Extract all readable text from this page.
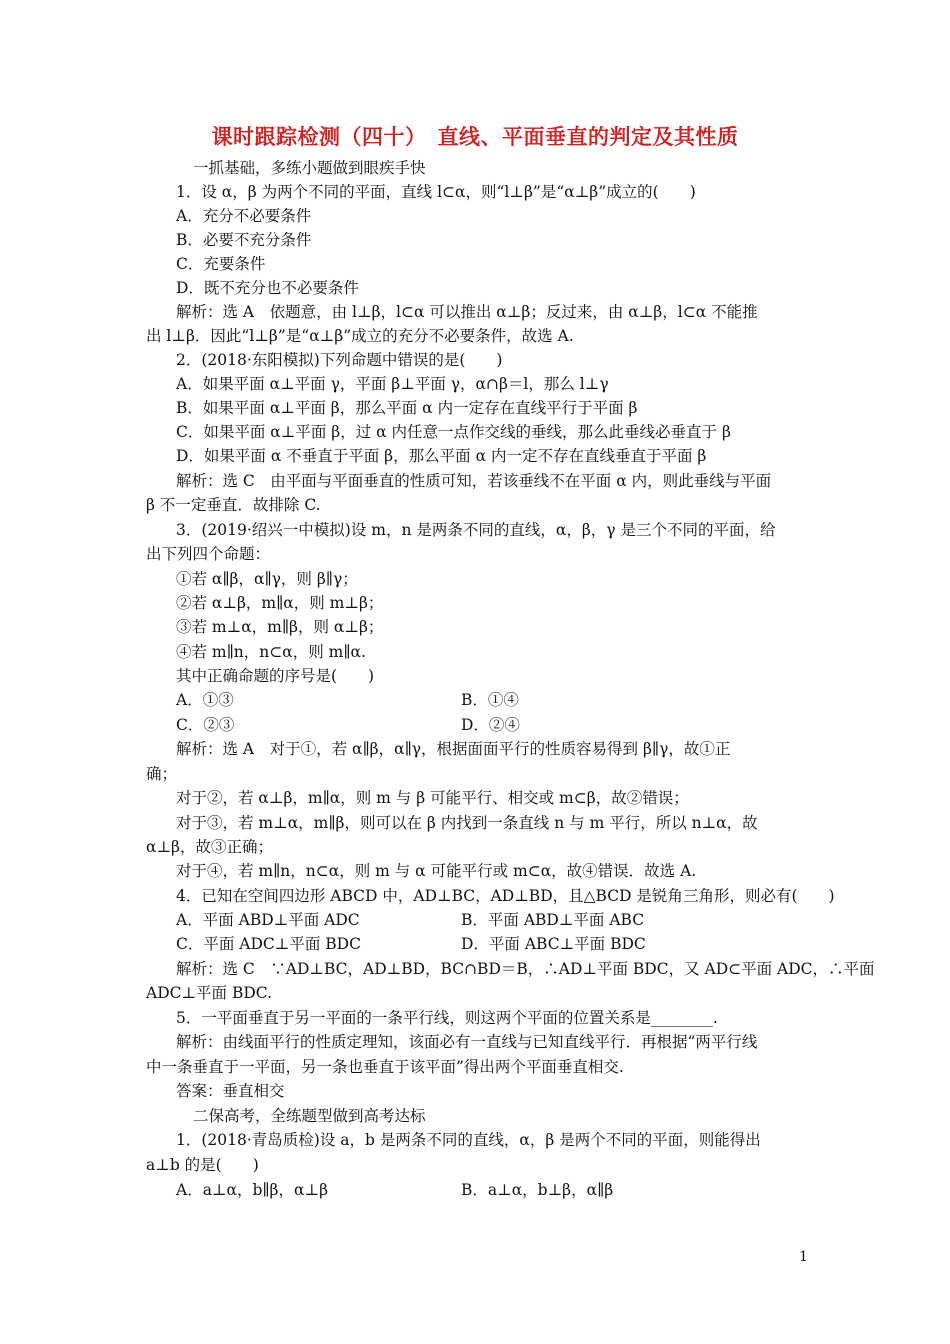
课时跟踪检测（四十）　直线、平面垂直的判定及其性质
一抓基础，多练小题做到眼疾手快
1．设 α，β 为两个不同的平面，直线 l⊂α，则“l⊥β”是“α⊥β”成立的(　　)
A．充分不必要条件
B．必要不充分条件
C．充要条件
D．既不充分也不必要条件
解析：选 A　依题意，由 l⊥β，l⊂α 可以推出 α⊥β；反过来，由 α⊥β，l⊂α 不能推
出 l⊥β．因此“l⊥β”是“α⊥β”成立的充分不必要条件，故选 A.
2．(2018·东阳模拟)下列命题中错误的是(　　)
A．如果平面 α⊥平面 γ，平面 β⊥平面 γ，α∩β＝l，那么 l⊥γ
B．如果平面 α⊥平面 β，那么平面 α 内一定存在直线平行于平面 β
C．如果平面 α⊥平面 β，过 α 内任意一点作交线的垂线，那么此垂线必垂直于 β
D．如果平面 α 不垂直于平面 β，那么平面 α 内一定不存在直线垂直于平面 β
解析：选 C　由平面与平面垂直的性质可知，若该垂线不在平面 α 内，则此垂线与平面
β 不一定垂直．故排除 C.
3．(2019·绍兴一中模拟)设 m，n 是两条不同的直线，α，β，γ 是三个不同的平面，给
出下列四个命题：
①若 α∥β，α∥γ，则 β∥γ；
②若 α⊥β，m∥α，则 m⊥β；
③若 m⊥α，m∥β，则 α⊥β；
④若 m∥n，n⊂α，则 m∥α.
其中正确命题的序号是(　　)
A．①③	B．①④
C．②③	D．②④
解析：选 A　对于①，若 α∥β，α∥γ，根据面面平行的性质容易得到 β∥γ，故①正
确；
对于②，若 α⊥β，m∥α，则 m 与 β 可能平行、相交或 m⊂β，故②错误；
对于③，若 m⊥α，m∥β，则可以在 β 内找到一条直线 n 与 m 平行，所以 n⊥α，故
α⊥β，故③正确；
对于④，若 m∥n，n⊂α，则 m 与 α 可能平行或 m⊂α，故④错误．故选 A.
4．已知在空间四边形 ABCD 中，AD⊥BC，AD⊥BD，且△BCD 是锐角三角形，则必有(　　)
A．平面 ABD⊥平面 ADC	B．平面 ABD⊥平面 ABC
C．平面 ADC⊥平面 BDC	D．平面 ABC⊥平面 BDC
解析：选 C　∵AD⊥BC，AD⊥BD，BC∩BD＝B，∴AD⊥平面 BDC，又 AD⊂平面 ADC，∴平面
ADC⊥平面 BDC.
5．一平面垂直于另一平面的一条平行线，则这两个平面的位置关系是________.
解析：由线面平行的性质定理知，该面必有一直线与已知直线平行．再根据“两平行线
中一条垂直于一平面，另一条也垂直于该平面”得出两个平面垂直相交.
答案：垂直相交
二保高考，全练题型做到高考达标
1．(2018·青岛质检)设 a，b 是两条不同的直线，α，β 是两个不同的平面，则能得出
a⊥b 的是(　　)
A．a⊥α，b∥β，α⊥β	B．a⊥α，b⊥β，α∥β
1
